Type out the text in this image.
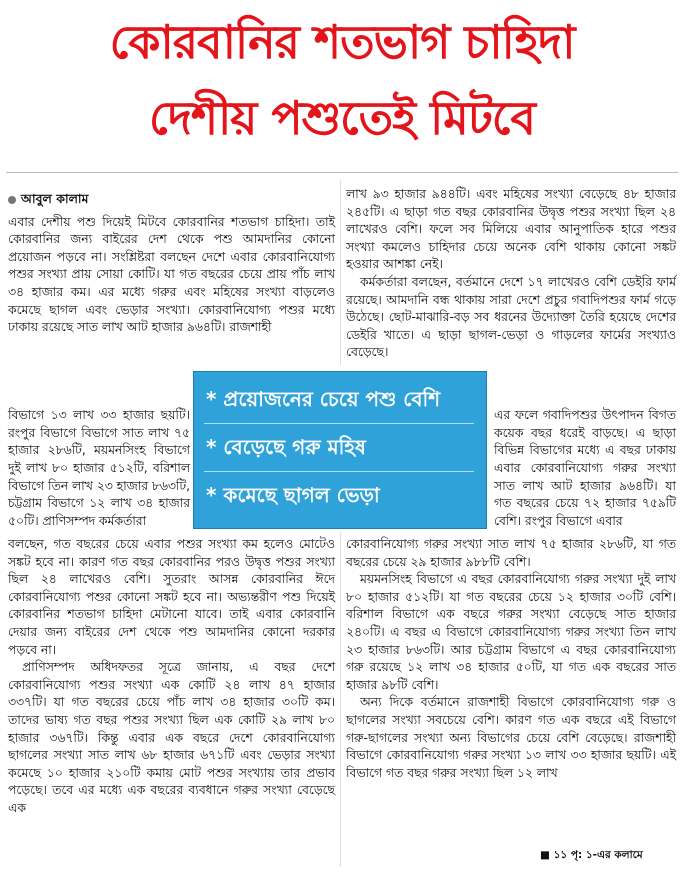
কোরবানির শতভাগ চাহিদা
দেশীয় পশুতেই মিটবে

আবুল কালাম

এবার দেশীয় পশু দিয়েই মিটবে কোরবানির শতভাগ চাহিদা। তাই কোরবানির জন্য বাইরের দেশ থেকে পশু আমদানির কোনো প্রয়োজন পড়বে না। সংশ্লিষ্টরা বলছেন দেশে এবার কোরবানিযোগ্য পশুর সংখ্যা প্রায় সোয়া কোটি। যা গত বছরের চেয়ে প্রায় পাঁচ লাখ ৩৪ হাজার কম। এর মধ্যে গরুর এবং মহিষের সংখ্যা বাড়লেও কমেছে ছাগল এবং ভেড়ার সংখ্যা। কোরবানিযোগ্য পশুর মধ্যে ঢাকায় রয়েছে সাত লাখ আট হাজার ৯৬৪টি। রাজশাহী

বিভাগে ১৩ লাখ ৩৩ হাজার ছয়টি। রংপুর বিভাগে বিভাগে সাত লাখ ৭৫ হাজার ২৮৬টি, ময়মনসিংহ বিভাগে দুই লাখ ৮০ হাজার ৫১২টি, বরিশাল বিভাগে তিন লাখ ২৩ হাজার ৮৬৩টি, চট্টগ্রাম বিভাগে ১২ লাখ ৩৪ হাজার ৫০টি। প্রাণিসম্পদ কর্মকর্তারা

বলছেন, গত বছরের চেয়ে এবার পশুর সংখ্যা কম হলেও মোটেও সঙ্কট হবে না। কারণ গত বছর কোরবানির পরও উদ্বৃত্ত পশুর সংখ্যা ছিল ২৪ লাখেরও বেশি। সুতরাং আসন্ন কোরবানির ঈদে কোরবানিযোগ্য পশুর কোনো সঙ্কট হবে না। অভ্যন্তরীণ পশু দিয়েই কোরবানির শতভাগ চাহিদা মেটানো যাবে। তাই এবার কোরবানি দেয়ার জন্য বাইরের দেশ থেকে পশু আমদানির কোনো দরকার পড়বে না।

প্রাণিসম্পদ অধিদফতর সূত্রে জানায়, এ বছর দেশে কোরবানিযোগ্য পশুর সংখ্যা এক কোটি ২৪ লাখ ৪৭ হাজার ৩৩৭টি। যা গত বছরের চেয়ে পাঁচ লাখ ৩৪ হাজার ৩০টি কম। তাদের ভাষ্য গত বছর পশুর সংখ্যা ছিল এক কোটি ২৯ লাখ ৮০ হাজার ৩৬৭টি। কিন্তু এবার এক বছরে দেশে কোরবানিযোগ্য ছাগলের সংখ্যা সাত লাখ ৬৮ হাজার ৬৭১টি এবং ভেড়ার সংখ্যা কমেছে ১০ হাজার ২১০টি কমায় মোট পশুর সংখ্যায় তার প্রভাব পড়েছে। তবে এর মধ্যে এক বছরের ব্যবধানে গরুর সংখ্যা বেড়েছে এক

লাখ ৯৩ হাজার ৯৪৪টি। এবং মহিষের সংখ্যা বেড়েছে ৪৮ হাজার ২৪৫টি। এ ছাড়া গত বছর কোরবানির উদ্বৃত্ত পশুর সংখ্যা ছিল ২৪ লাখেরও বেশি। ফলে সব মিলিয়ে এবার আনুপাতিক হারে পশুর সংখ্যা কমলেও চাহিদার চেয়ে অনেক বেশি থাকায় কোনো সঙ্কট হওয়ার আশঙ্কা নেই।

কর্মকর্তারা বলছেন, বর্তমানে দেশে ১৭ লাখেরও বেশি ডেইরি ফার্ম রয়েছে। আমদানি বন্ধ থাকায় সারা দেশে প্রচুর গবাদিপশুর ফার্ম গড়ে উঠেছে। ছোট-মাঝারি-বড় সব ধরনের উদ্যোক্তা তৈরি হয়েছে দেশের ডেইরি খাতে। এ ছাড়া ছাগল-ভেড়া ও গাড়লের ফার্মের সংখ্যাও বেড়েছে।

এর ফলে গবাদিপশুর উৎপাদন বিগত কয়েক বছর ধরেই বাড়ছে। এ ছাড়া বিভিন্ন বিভাগের মধ্যে এ বছর ঢাকায় এবার কোরবানিযোগ্য গরুর সংখ্যা সাত লাখ আট হাজার ৯৬৪টি। যা গত বছরের চেয়ে ৭২ হাজার ৭৫৯টি বেশি। রংপুর বিভাগে এবার

কোরবানিযোগ্য গরুর সংখ্যা সাত লাখ ৭৫ হাজার ২৮৬টি, যা গত বছরের চেয়ে ২৯ হাজার ৯৮৮টি বেশি।

ময়মনসিংহ বিভাগে এ বছর কোরবানিযোগ্য গরুর সংখ্যা দুই লাখ ৮০ হাজার ৫১২টি। যা গত বছরের চেয়ে ১২ হাজার ৩০টি বেশি। বরিশাল বিভাগে এক বছরে গরুর সংখ্যা বেড়েছে সাত হাজার ২৪০টি। এ বছর এ বিভাগে কোরবানিযোগ্য গরুর সংখ্যা তিন লাখ ২৩ হাজার ৮৬৩টি। আর চট্টগ্রাম বিভাগে এ বছর কোরবানিযোগ্য গরু রয়েছে ১২ লাখ ৩৪ হাজার ৫০টি, যা গত এক বছরের সাত হাজার ৯৮টি বেশি।

অন্য দিকে বর্তমানে রাজশাহী বিভাগে কোরবানিযোগ্য গরু ও ছাগলের সংখ্যা সবচেয়ে বেশি। কারণ গত এক বছরে এই বিভাগে গরু-ছাগলের সংখ্যা অন্য বিভাগের চেয়ে বেশি বেড়েছে। রাজশাহী বিভাগে কোরবানিযোগ্য গরুর সংখ্যা ১৩ লাখ ৩৩ হাজার ছয়টি। এই বিভাগে গত বছর গরুর সংখ্যা ছিল ১২ লাখ

* প্রয়োজনের চেয়ে পশু বেশি
* বেড়েছে গরু মহিষ
* কমেছে ছাগল ভেড়া
■ ১১ পৃ: ১-এর কলামে
